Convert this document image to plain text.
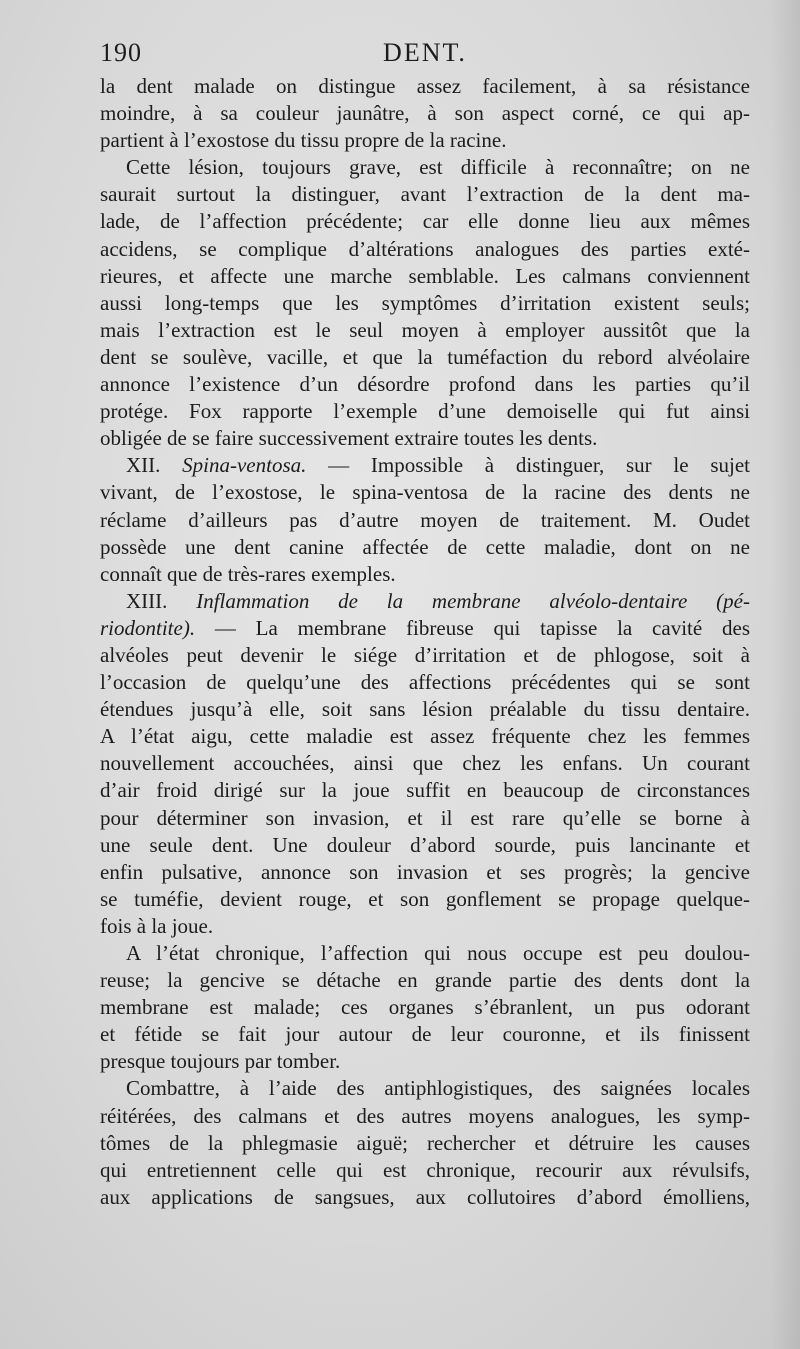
190	DENT.
la dent malade on distingue assez facilement, à sa résistance
moindre, à sa couleur jaunâtre, à son aspect corné, ce qui ap-
partient à l’exostose du tissu propre de la racine.
Cette lésion, toujours grave, est difficile à reconnaître; on ne
saurait surtout la distinguer, avant l’extraction de la dent ma-
lade, de l’affection précédente; car elle donne lieu aux mêmes
accidens, se complique d’altérations analogues des parties exté-
rieures, et affecte une marche semblable. Les calmans conviennent
aussi long-temps que les symptômes d’irritation existent seuls;
mais l’extraction est le seul moyen à employer aussitôt que la
dent se soulève, vacille, et que la tuméfaction du rebord alvéolaire
annonce l’existence d’un désordre profond dans les parties qu’il
protége. Fox rapporte l’exemple d’une demoiselle qui fut ainsi
obligée de se faire successivement extraire toutes les dents.
XII. Spina-ventosa. — Impossible à distinguer, sur le sujet
vivant, de l’exostose, le spina-ventosa de la racine des dents ne
réclame d’ailleurs pas d’autre moyen de traitement. M. Oudet
possède une dent canine affectée de cette maladie, dont on ne
connaît que de très-rares exemples.
XIII. Inflammation de la membrane alvéolo-dentaire (pé-
riodontite). — La membrane fibreuse qui tapisse la cavité des
alvéoles peut devenir le siége d’irritation et de phlogose, soit à
l’occasion de quelqu’une des affections précédentes qui se sont
étendues jusqu’à elle, soit sans lésion préalable du tissu dentaire.
A l’état aigu, cette maladie est assez fréquente chez les femmes
nouvellement accouchées, ainsi que chez les enfans. Un courant
d’air froid dirigé sur la joue suffit en beaucoup de circonstances
pour déterminer son invasion, et il est rare qu’elle se borne à
une seule dent. Une douleur d’abord sourde, puis lancinante et
enfin pulsative, annonce son invasion et ses progrès; la gencive
se tuméfie, devient rouge, et son gonflement se propage quelque-
fois à la joue.
A l’état chronique, l’affection qui nous occupe est peu doulou-
reuse; la gencive se détache en grande partie des dents dont la
membrane est malade; ces organes s’ébranlent, un pus odorant
et fétide se fait jour autour de leur couronne, et ils finissent
presque toujours par tomber.
Combattre, à l’aide des antiphlogistiques, des saignées locales
réitérées, des calmans et des autres moyens analogues, les symp-
tômes de la phlegmasie aiguë; rechercher et détruire les causes
qui entretiennent celle qui est chronique, recourir aux révulsifs,
aux applications de sangsues, aux collutoires d’abord émolliens,
